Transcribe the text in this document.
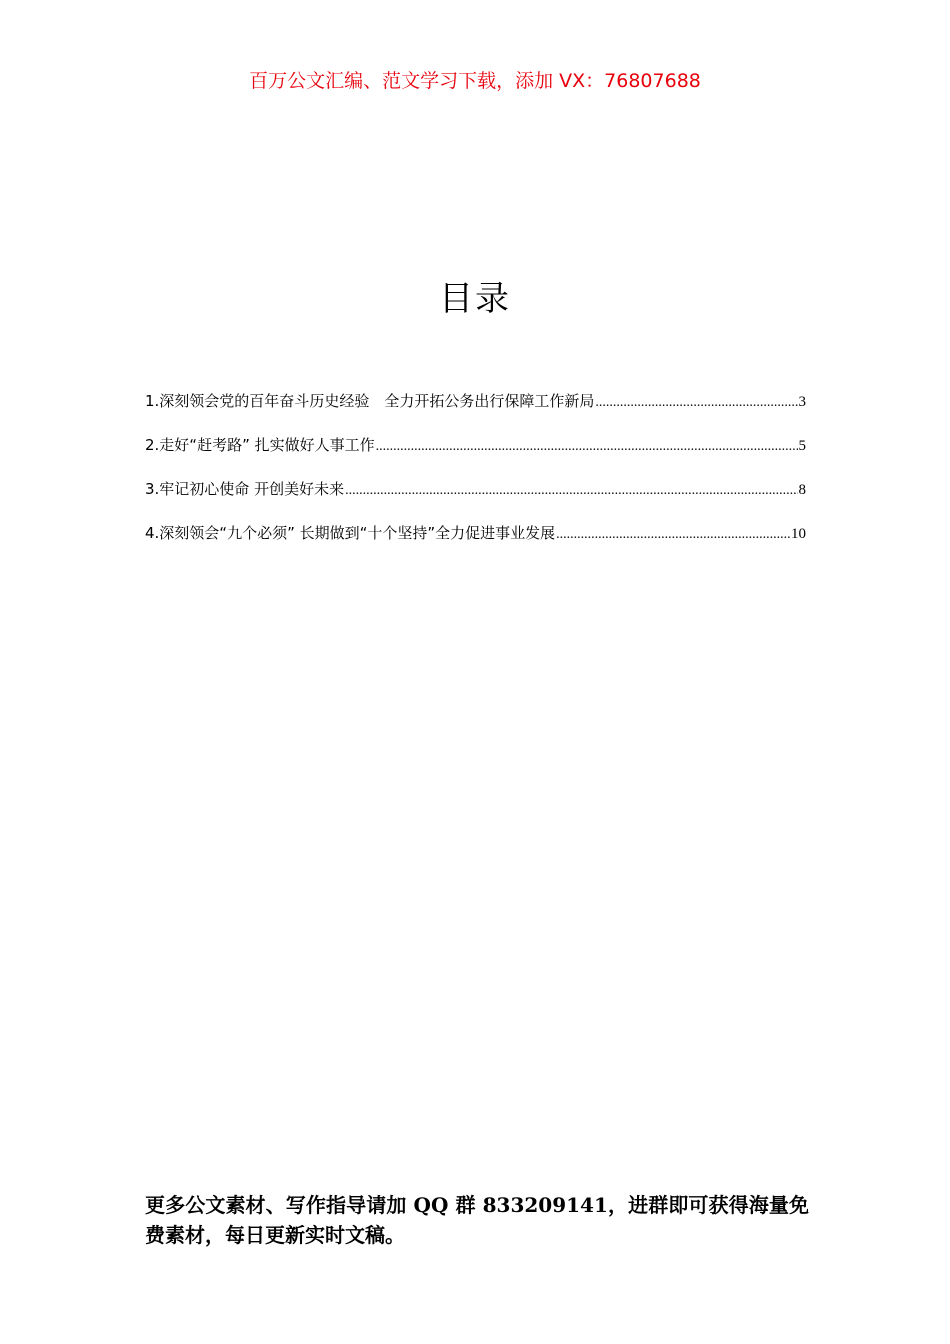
百万公文汇编、范文学习下载，添加 VX：76807688
目录
1.深刻领会党的百年奋斗历史经验　全力开拓公务出行保障工作新局 .....	3
2.走好“赶考路” 扎实做好人事工作 .....	5
3.牢记初心使命 开创美好未来 .....	8
4.深刻领会“九个必须” 长期做到“十个坚持”全力促进事业发展 .....	10
更多公文素材、写作指导请加 QQ 群 833209141，进群即可获得海量免费素材，每日更新实时文稿。
